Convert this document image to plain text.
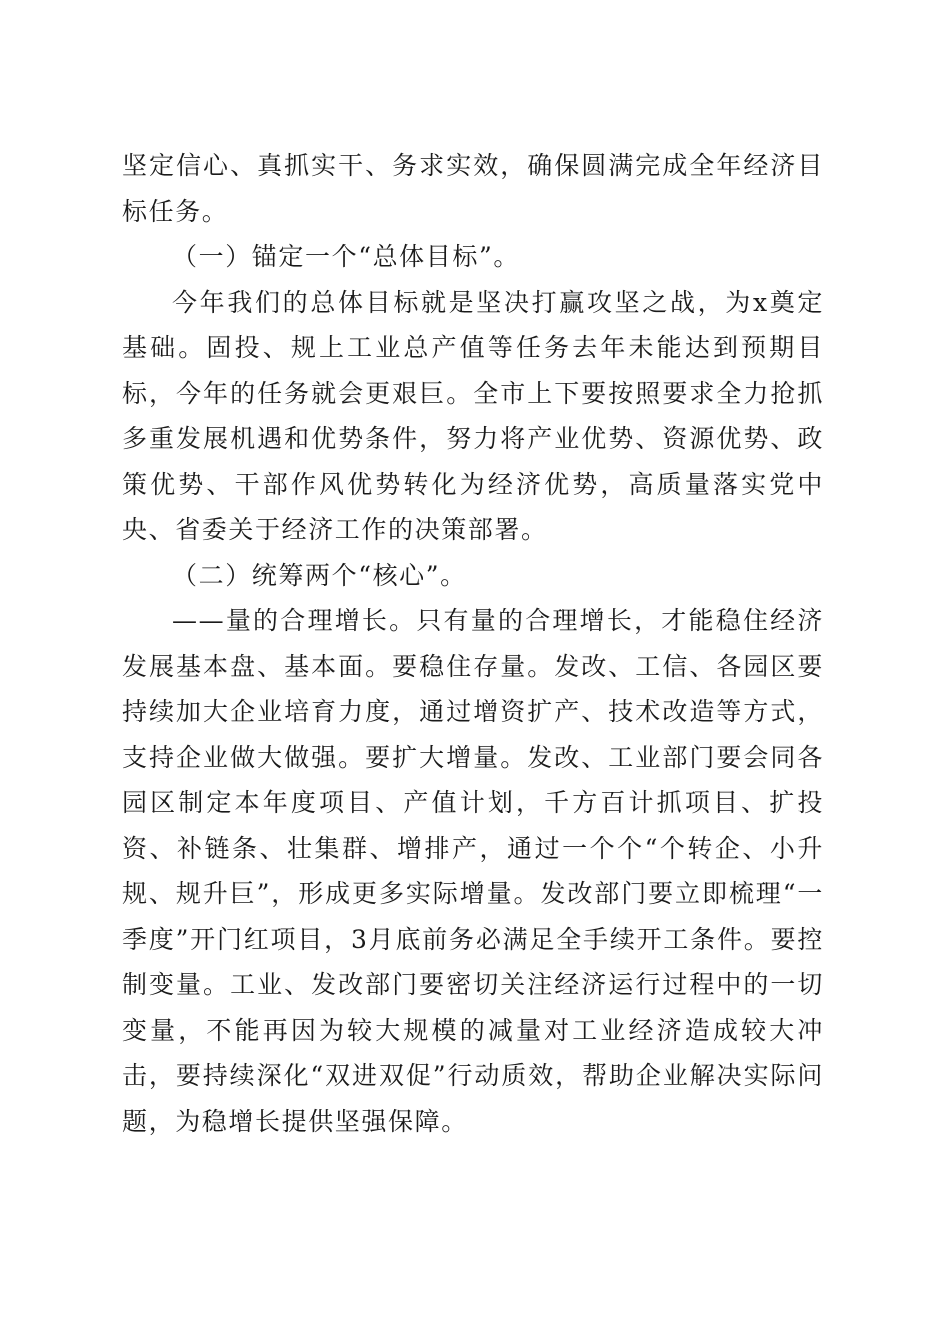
坚定信心、真抓实干、务求实效，确保圆满完成全年经济目标任务。

（一）锚定一个“总体目标”。

今年我们的总体目标就是坚决打赢攻坚之战，为x奠定基础。固投、规上工业总产值等任务去年未能达到预期目标，今年的任务就会更艰巨。全市上下要按照要求全力抢抓多重发展机遇和优势条件，努力将产业优势、资源优势、政策优势、干部作风优势转化为经济优势，高质量落实党中央、省委关于经济工作的决策部署。

（二）统筹两个“核心”。

——量的合理增长。只有量的合理增长，才能稳住经济发展基本盘、基本面。要稳住存量。发改、工信、各园区要持续加大企业培育力度，通过增资扩产、技术改造等方式，支持企业做大做强。要扩大增量。发改、工业部门要会同各园区制定本年度项目、产值计划，千方百计抓项目、扩投资、补链条、壮集群、增排产，通过一个个“个转企、小升规、规升巨”，形成更多实际增量。发改部门要立即梳理“一季度”开门红项目，3月底前务必满足全手续开工条件。要控制变量。工业、发改部门要密切关注经济运行过程中的一切变量，不能再因为较大规模的减量对工业经济造成较大冲击，要持续深化“双进双促”行动质效，帮助企业解决实际问题，为稳增长提供坚强保障。
